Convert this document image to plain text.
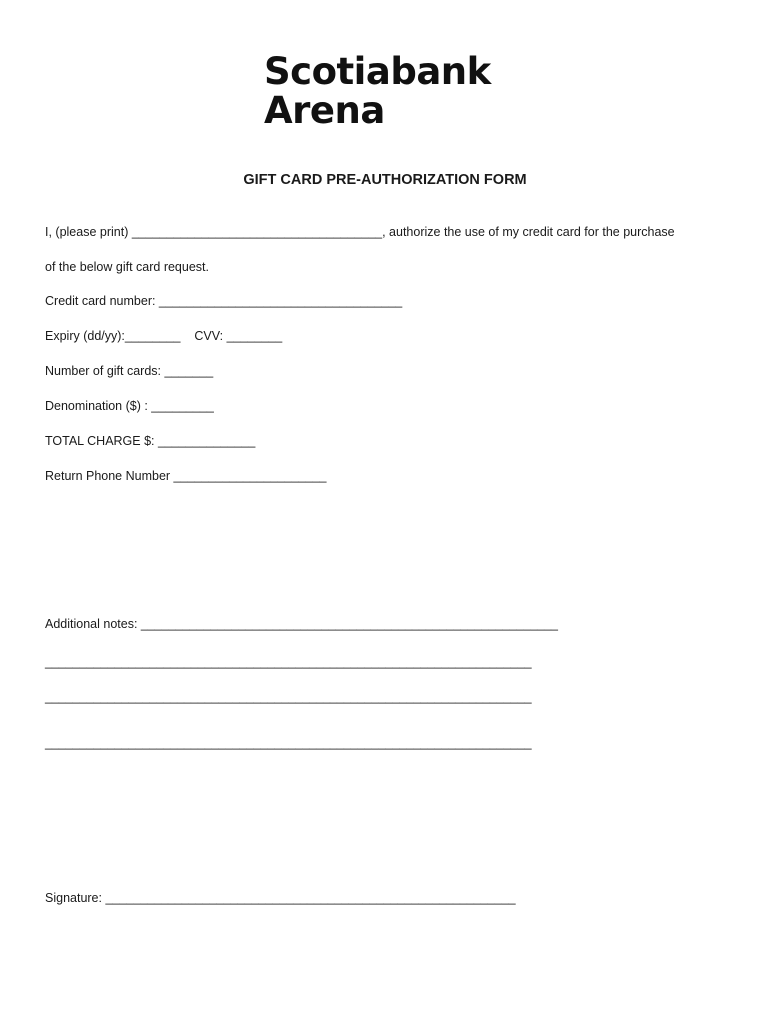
Scotiabank
Arena
GIFT CARD PRE-AUTHORIZATION FORM
I, (please print) ____________________________________, authorize the use of my credit card for the purchase
of the below gift card request.
Credit card number: ___________________________________
Expiry (dd/yy):________    CVV: ________
Number of gift cards: _______
Denomination ($) : _________
TOTAL CHARGE $: ______________
Return Phone Number ______________________
Additional notes: ____________________________________________________________
______________________________________________________________________
______________________________________________________________________
______________________________________________________________________
Signature: ___________________________________________________________
